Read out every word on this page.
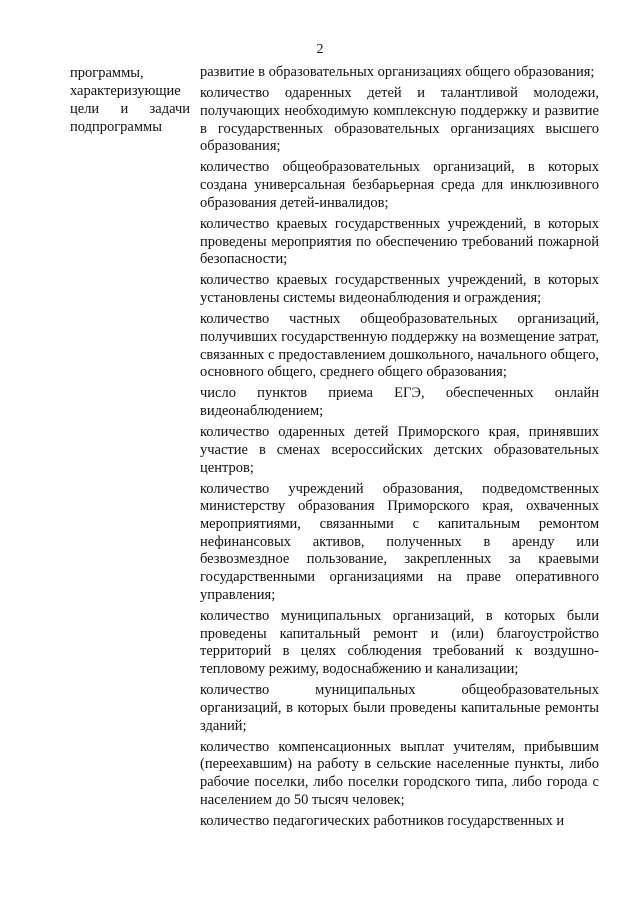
2
программы, характеризующие цели и задачи подпрограммы

развитие в образовательных организациях общего образования;

количество одаренных детей и талантливой молодежи, получающих необходимую комплексную поддержку и развитие в государственных образовательных организациях высшего образования;

количество общеобразовательных организаций, в которых создана универсальная безбарьерная среда для инклюзивного образования детей-инвалидов;

количество краевых государственных учреждений, в которых проведены мероприятия по обеспечению требований пожарной безопасности;

количество краевых государственных учреждений, в которых установлены системы видеонаблюдения и ограждения;

количество частных общеобразовательных организаций, получивших государственную поддержку на возмещение затрат, связанных с предоставлением дошкольного, начального общего, основного общего, среднего общего образования;

число пунктов приема ЕГЭ, обеспеченных онлайн видеонаблюдением;

количество одаренных детей Приморского края, принявших участие в сменах всероссийских детских образовательных центров;

количество учреждений образования, подведомственных министерству образования Приморского края, охваченных мероприятиями, связанными с капитальным ремонтом нефинансовых активов, полученных в аренду или безвозмездное пользование, закрепленных за краевыми государственными организациями на праве оперативного управления;

количество муниципальных организаций, в которых были проведены капитальный ремонт и (или) благоустройство территорий в целях соблюдения требований к воздушно-тепловому режиму, водоснабжению и канализации;

количество муниципальных общеобразовательных организаций, в которых были проведены капитальные ремонты зданий;

количество компенсационных выплат учителям, прибывшим (переехавшим) на работу в сельские населенные пункты, либо рабочие поселки, либо поселки городского типа, либо города с населением до 50 тысяч человек;

количество педагогических работников государственных и
